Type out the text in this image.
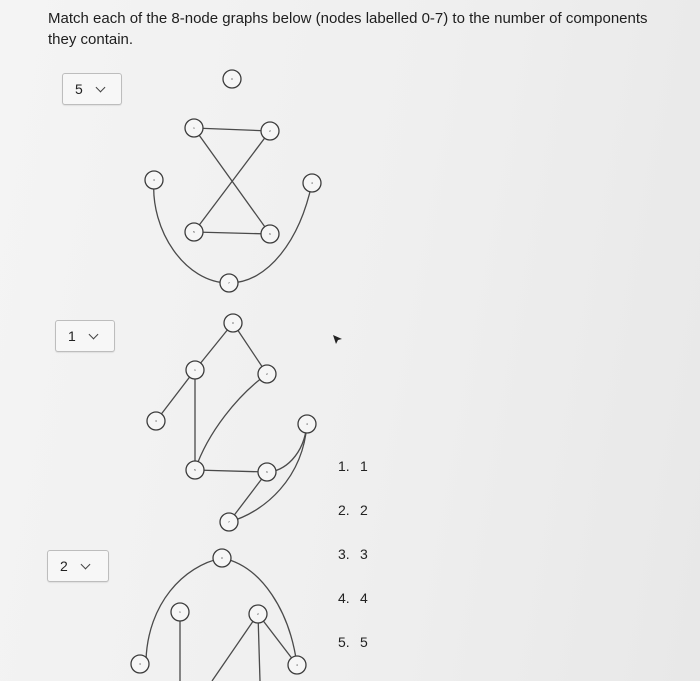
Match each of the 8-node graphs below (nodes labelled 0-7) to the number of components they contain.
5
1
2
0
1
2
3
4
5	6
7
0
1
2
3
4
5	6
7
0
1	2
3	4
1. 1
2. 2
3. 3
4. 4
5. 5
